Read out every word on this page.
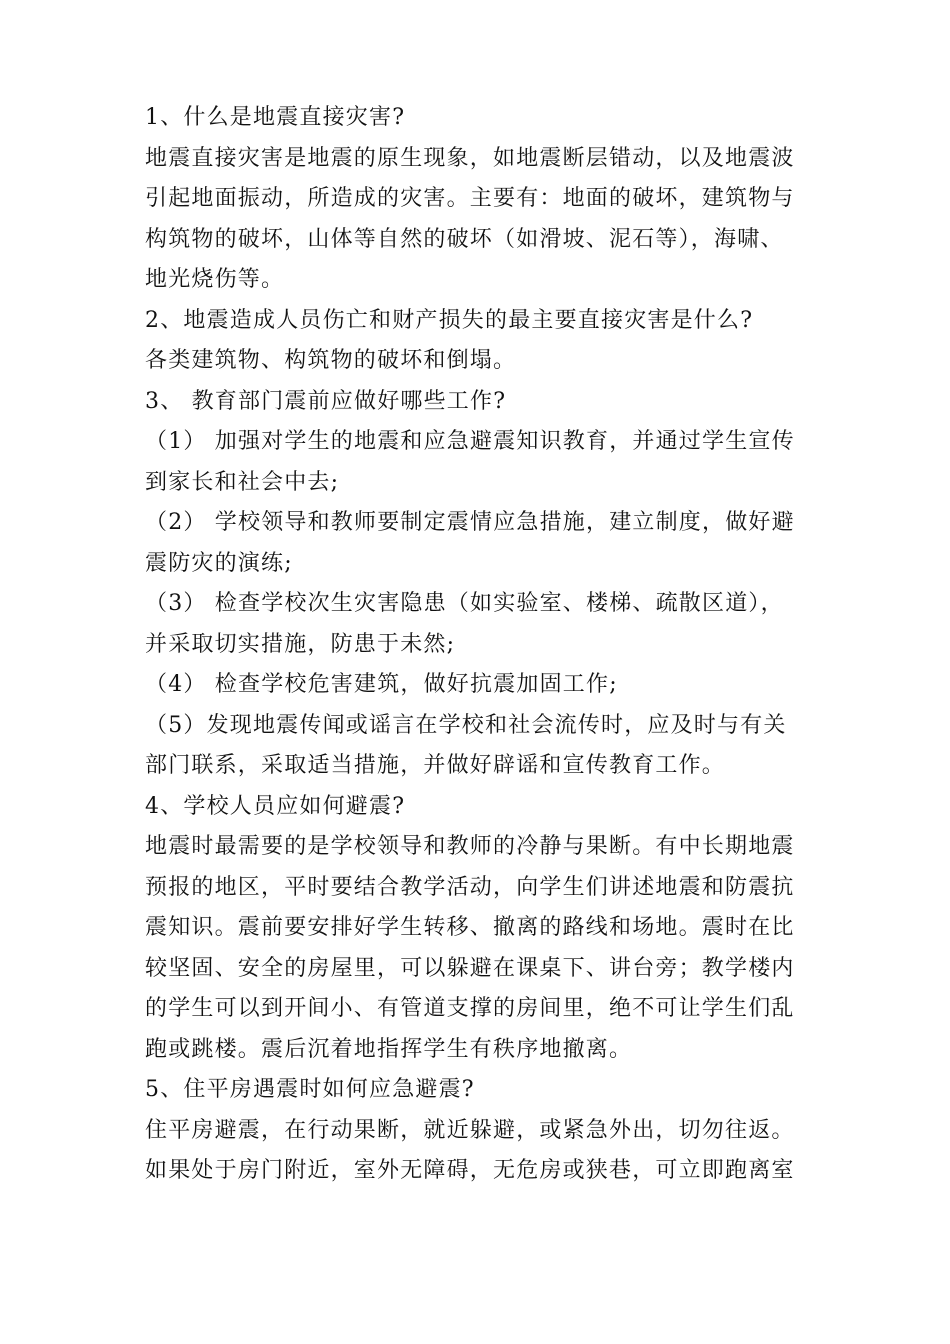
1、什么是地震直接灾害?
地震直接灾害是地震的原生现象，如地震断层错动，以及地震波
引起地面振动，所造成的灾害。主要有：地面的破坏，建筑物与
构筑物的破坏，山体等自然的破坏（如滑坡、泥石等），海啸、
地光烧伤等。
2、地震造成人员伤亡和财产损失的最主要直接灾害是什么?
各类建筑物、构筑物的破坏和倒塌。
3、 教育部门震前应做好哪些工作?
（1） 加强对学生的地震和应急避震知识教育，并通过学生宣传
到家长和社会中去;
（2） 学校领导和教师要制定震情应急措施，建立制度，做好避
震防灾的演练;
（3） 检查学校次生灾害隐患（如实验室、楼梯、疏散区道），
并采取切实措施，防患于未然;
（4） 检查学校危害建筑，做好抗震加固工作;
（5）发现地震传闻或谣言在学校和社会流传时，应及时与有关
部门联系，采取适当措施，并做好辟谣和宣传教育工作。
4、学校人员应如何避震?
地震时最需要的是学校领导和教师的冷静与果断。有中长期地震
预报的地区，平时要结合教学活动，向学生们讲述地震和防震抗
震知识。震前要安排好学生转移、撤离的路线和场地。震时在比
较坚固、安全的房屋里，可以躲避在课桌下、讲台旁；教学楼内
的学生可以到开间小、有管道支撑的房间里，绝不可让学生们乱
跑或跳楼。震后沉着地指挥学生有秩序地撤离。
5、住平房遇震时如何应急避震?
住平房避震，在行动果断，就近躲避，或紧急外出，切勿往返。
如果处于房门附近，室外无障碍，无危房或狭巷，可立即跑离室
